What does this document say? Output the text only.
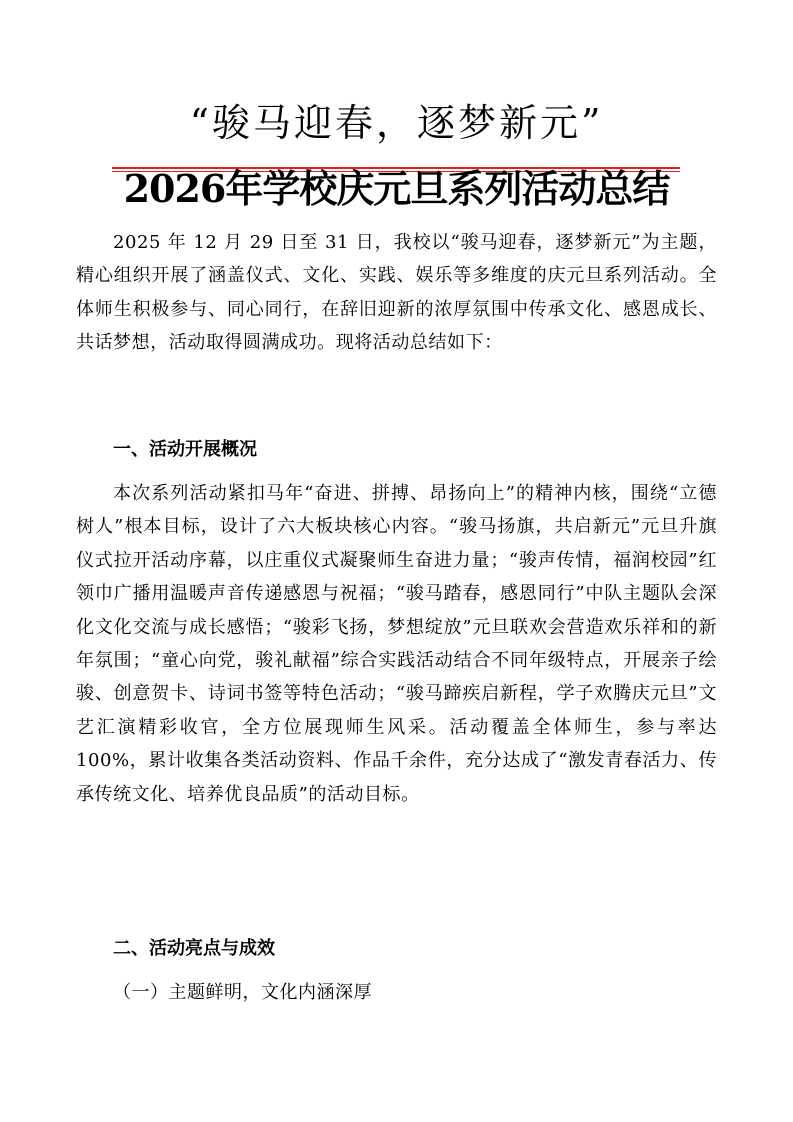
“骏马迎春，逐梦新元”
2026年学校庆元旦系列活动总结

2025 年 12 月 29 日至 31 日，我校以“骏马迎春，逐梦新元”为主题，精心组织开展了涵盖仪式、文化、实践、娱乐等多维度的庆元旦系列活动。全体师生积极参与、同心同行，在辞旧迎新的浓厚氛围中传承文化、感恩成长、共话梦想，活动取得圆满成功。现将活动总结如下：

一、活动开展概况

本次系列活动紧扣马年“奋进、拼搏、昂扬向上”的精神内核，围绕“立德树人”根本目标，设计了六大板块核心内容。“骏马扬旗，共启新元”元旦升旗仪式拉开活动序幕，以庄重仪式凝聚师生奋进力量；“骏声传情，福润校园”红领巾广播用温暖声音传递感恩与祝福；“骏马踏春，感恩同行”中队主题队会深化文化交流与成长感悟；“骏彩飞扬，梦想绽放”元旦联欢会营造欢乐祥和的新年氛围；“童心向党，骏礼献福”综合实践活动结合不同年级特点，开展亲子绘骏、创意贺卡、诗词书签等特色活动；“骏马蹄疾启新程，学子欢腾庆元旦”文艺汇演精彩收官，全方位展现师生风采。活动覆盖全体师生，参与率达 100%，累计收集各类活动资料、作品千余件，充分达成了“激发青春活力、传承传统文化、培养优良品质”的活动目标。

二、活动亮点与成效

（一）主题鲜明，文化内涵深厚
